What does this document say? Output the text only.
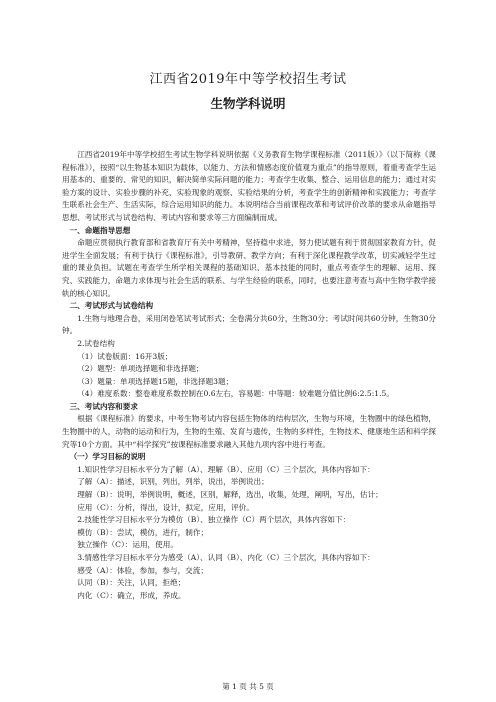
江西省2019年中等学校招生考试
生物学科说明

江西省2019年中等学校招生考试生物学科说明依据《义务教育生物学课程标准（2011版）》（以下简称《课程标准》），按照“以生物基本知识为载体，以能力、方法和情感态度价值观为重点”的指导原则，着重考查学生运用基本的、重要的、常见的知识，解决简单实际问题的能力；考查学生收集、整合、运用信息的能力；通过对实验方案的设计、实验步骤的补充、实验现象的观察、实验结果的分析，考查学生的创新精神和实践能力；考查学生联系社会生产、生活实际，综合运用知识的能力。本说明结合当前课程改革和考试评价改革的要求从命题指导思想、考试形式与试卷结构、考试内容和要求等三方面编制而成。

一、命题指导思想

命题应贯彻执行教育部和省教育厅有关中考精神，坚持稳中求进，努力使试题有利于贯彻国家教育方针，促进学生全面发展；有利于执行《课程标准》，引导教研、教学方向；有利于深化课程教学改革，切实减轻学生过重的课业负担。试题在考查学生所学相关课程的基础知识、基本技能的同时，重点考查学生的理解、运用、探究、实践能力，命题力求体现与社会生活的联系、与学生经验的联系，同时，也要注意考查与高中生物学教学接轨的核心知识。

二、考试形式与试卷结构

1.生物与地理合卷，采用闭卷笔试考试形式；全卷满分共60分，生物30分；考试时间共60分钟，生物30分钟。

2.试卷结构

（1）试卷版面：16开3版；

（2）题型：单项选择题和非选择题；

（3）题量：单项选择题15题，非选择题3题；

（4）难度系数：整卷难度系数控制在0.6左右，容易题：中等题：较难题分值比例6:2.5:1.5。

三、考试内容和要求

根据《课程标准》的要求，中考生物考试内容包括生物体的结构层次，生物与环境，生物圈中的绿色植物，生物圈中的人，动物的运动和行为，生物的生殖、发育与遗传，生物的多样性，生物技术、健康地生活和科学探究等10个方面。其中“科学探究”按课程标准要求融入其他九项内容中进行考查。

（一）学习目标的说明

1.知识性学习目标水平分为了解（A）、理解（B）、应用（C）三个层次，具体内容如下：

了解（A）：描述，识别，列出，列举，说出，举例说出；

理解（B）：说明，举例说明，概述，区别，解释，选出，收集，处理，阐明，写出，估计；

应用（C）：分析，得出，设计，拟定，应用，评价。

2.技能性学习目标水平分为模仿（B）、独立操作（C）两个层次，具体内容如下：

模仿（B）：尝试，模仿，进行，制作；

独立操作（C）：运用，使用。

3.情感性学习目标水平分为感受（A）、认同（B）、内化（C）三个层次，具体内容如下：

感受（A）：体验，参加，参与，交流；

认同（B）：关注，认同，拒绝；

内化（C）：确立，形成，养成。

第 1 页 共 5 页
